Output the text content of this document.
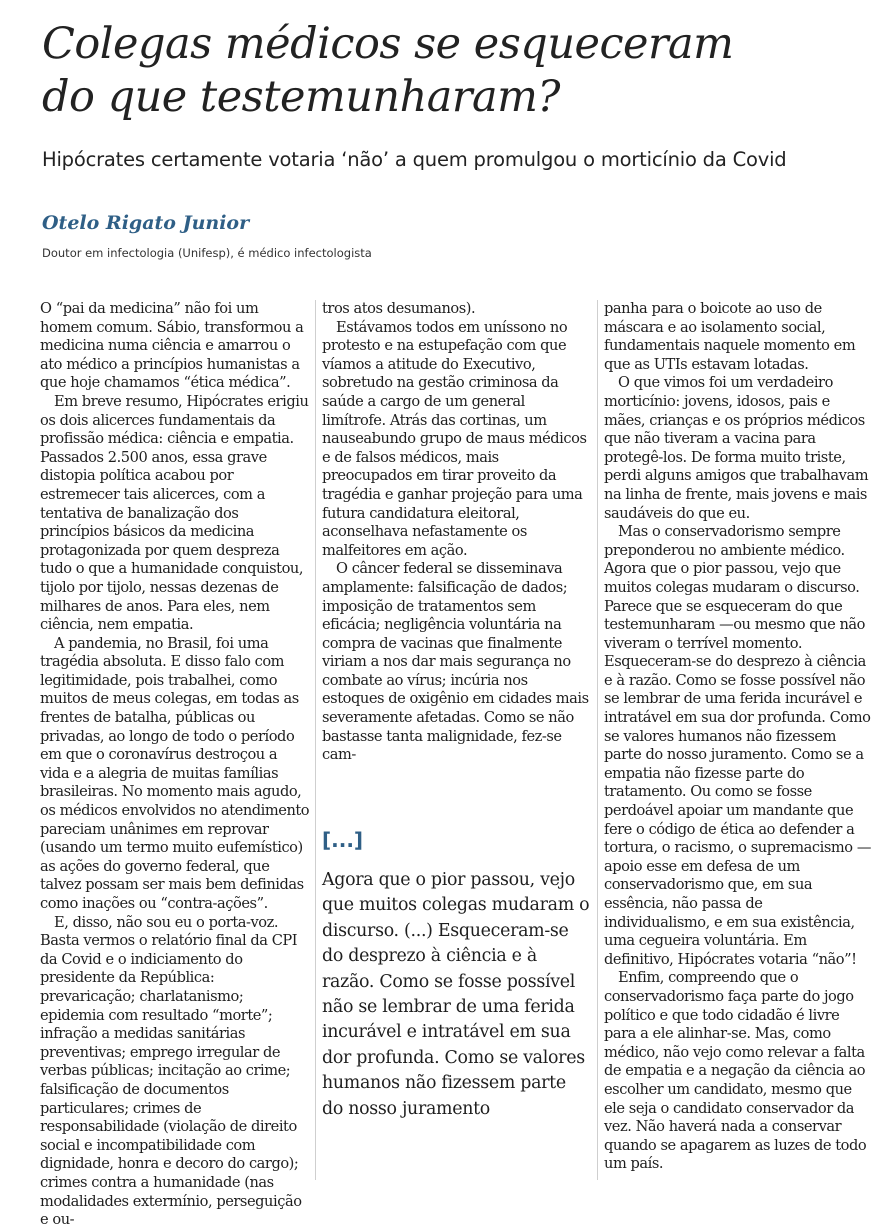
Colegas médicos se esqueceram
do que testemunharam?

Hipócrates certamente votaria ‘não’ a quem promulgou o morticínio da Covid

Otelo Rigato Junior

Doutor em infectologia (Unifesp), é médico infectologista

O “pai da medicina” não foi um homem comum. Sábio, transformou a medicina numa ciência e amarrou o ato médico a princípios humanistas a que hoje chamamos “ética médica”.

Em breve resumo, Hipócrates erigiu os dois alicerces fundamentais da profissão médica: ciência e empatia. Passados 2.500 anos, essa grave distopia política acabou por estremecer tais alicerces, com a tentativa de banalização dos princípios básicos da medicina protagonizada por quem despreza tudo o que a humanidade conquistou, tijolo por tijolo, nessas dezenas de milhares de anos. Para eles, nem ciência, nem empatia.

A pandemia, no Brasil, foi uma tragédia absoluta. E disso falo com legitimidade, pois trabalhei, como muitos de meus colegas, em todas as frentes de batalha, públicas ou privadas, ao longo de todo o período em que o coronavírus destroçou a vida e a alegria de muitas famílias brasileiras. No momento mais agudo, os médicos envolvidos no atendimento pareciam unânimes em reprovar (usando um termo muito eufemístico) as ações do governo federal, que talvez possam ser mais bem definidas como inações ou “contra-ações”.

E, disso, não sou eu o porta-voz. Basta vermos o relatório final da CPI da Covid e o indiciamento do presidente da República: prevaricação; charlatanismo; epidemia com resultado “morte”; infração a medidas sanitárias preventivas; emprego irregular de verbas públicas; incitação ao crime; falsificação de documentos particulares; crimes de responsabilidade (violação de direito social e incompatibilidade com dignidade, honra e decoro do cargo); crimes contra a humanidade (nas modalidades extermínio, perseguição e ou-

tros atos desumanos).

Estávamos todos em uníssono no protesto e na estupefação com que víamos a atitude do Executivo, sobretudo na gestão criminosa da saúde a cargo de um general limítrofe. Atrás das cortinas, um nauseabundo grupo de maus médicos e de falsos médicos, mais preocupados em tirar proveito da tragédia e ganhar projeção para uma futura candidatura eleitoral, aconselhava nefastamente os malfeitores em ação.

O câncer federal se disseminava amplamente: falsificação de dados; imposição de tratamentos sem eficácia; negligência voluntária na compra de vacinas que finalmente viriam a nos dar mais segurança no combate ao vírus; incúria nos estoques de oxigênio em cidades mais severamente afetadas. Como se não bastasse tanta malignidade, fez-se cam-

[...]

Agora que o pior passou, vejo que muitos colegas mudaram o discurso. (...) Esqueceram-se do desprezo à ciência e à razão. Como se fosse possível não se lembrar de uma ferida incurável e intratável em sua dor profunda. Como se valores humanos não fizessem parte do nosso juramento

panha para o boicote ao uso de máscara e ao isolamento social, fundamentais naquele momento em que as UTIs estavam lotadas.

O que vimos foi um verdadeiro morticínio: jovens, idosos, pais e mães, crianças e os próprios médicos que não tiveram a vacina para protegê-los. De forma muito triste, perdi alguns amigos que trabalhavam na linha de frente, mais jovens e mais saudáveis do que eu.

Mas o conservadorismo sempre preponderou no ambiente médico. Agora que o pior passou, vejo que muitos colegas mudaram o discurso. Parece que se esqueceram do que testemunharam —ou mesmo que não viveram o terrível momento. Esqueceram-se do desprezo à ciência e à razão. Como se fosse possível não se lembrar de uma ferida incurável e intratável em sua dor profunda. Como se valores humanos não fizessem parte do nosso juramento. Como se a empatia não fizesse parte do tratamento. Ou como se fosse perdoável apoiar um mandante que fere o código de ética ao defender a tortura, o racismo, o supremacismo —apoio esse em defesa de um conservadorismo que, em sua essência, não passa de individualismo, e em sua existência, uma cegueira voluntária. Em definitivo, Hipócrates votaria “não”!

Enfim, compreendo que o conservadorismo faça parte do jogo político e que todo cidadão é livre para a ele alinhar-se. Mas, como médico, não vejo como relevar a falta de empatia e a negação da ciência ao escolher um candidato, mesmo que ele seja o candidato conservador da vez. Não haverá nada a conservar quando se apagarem as luzes de todo um país.
